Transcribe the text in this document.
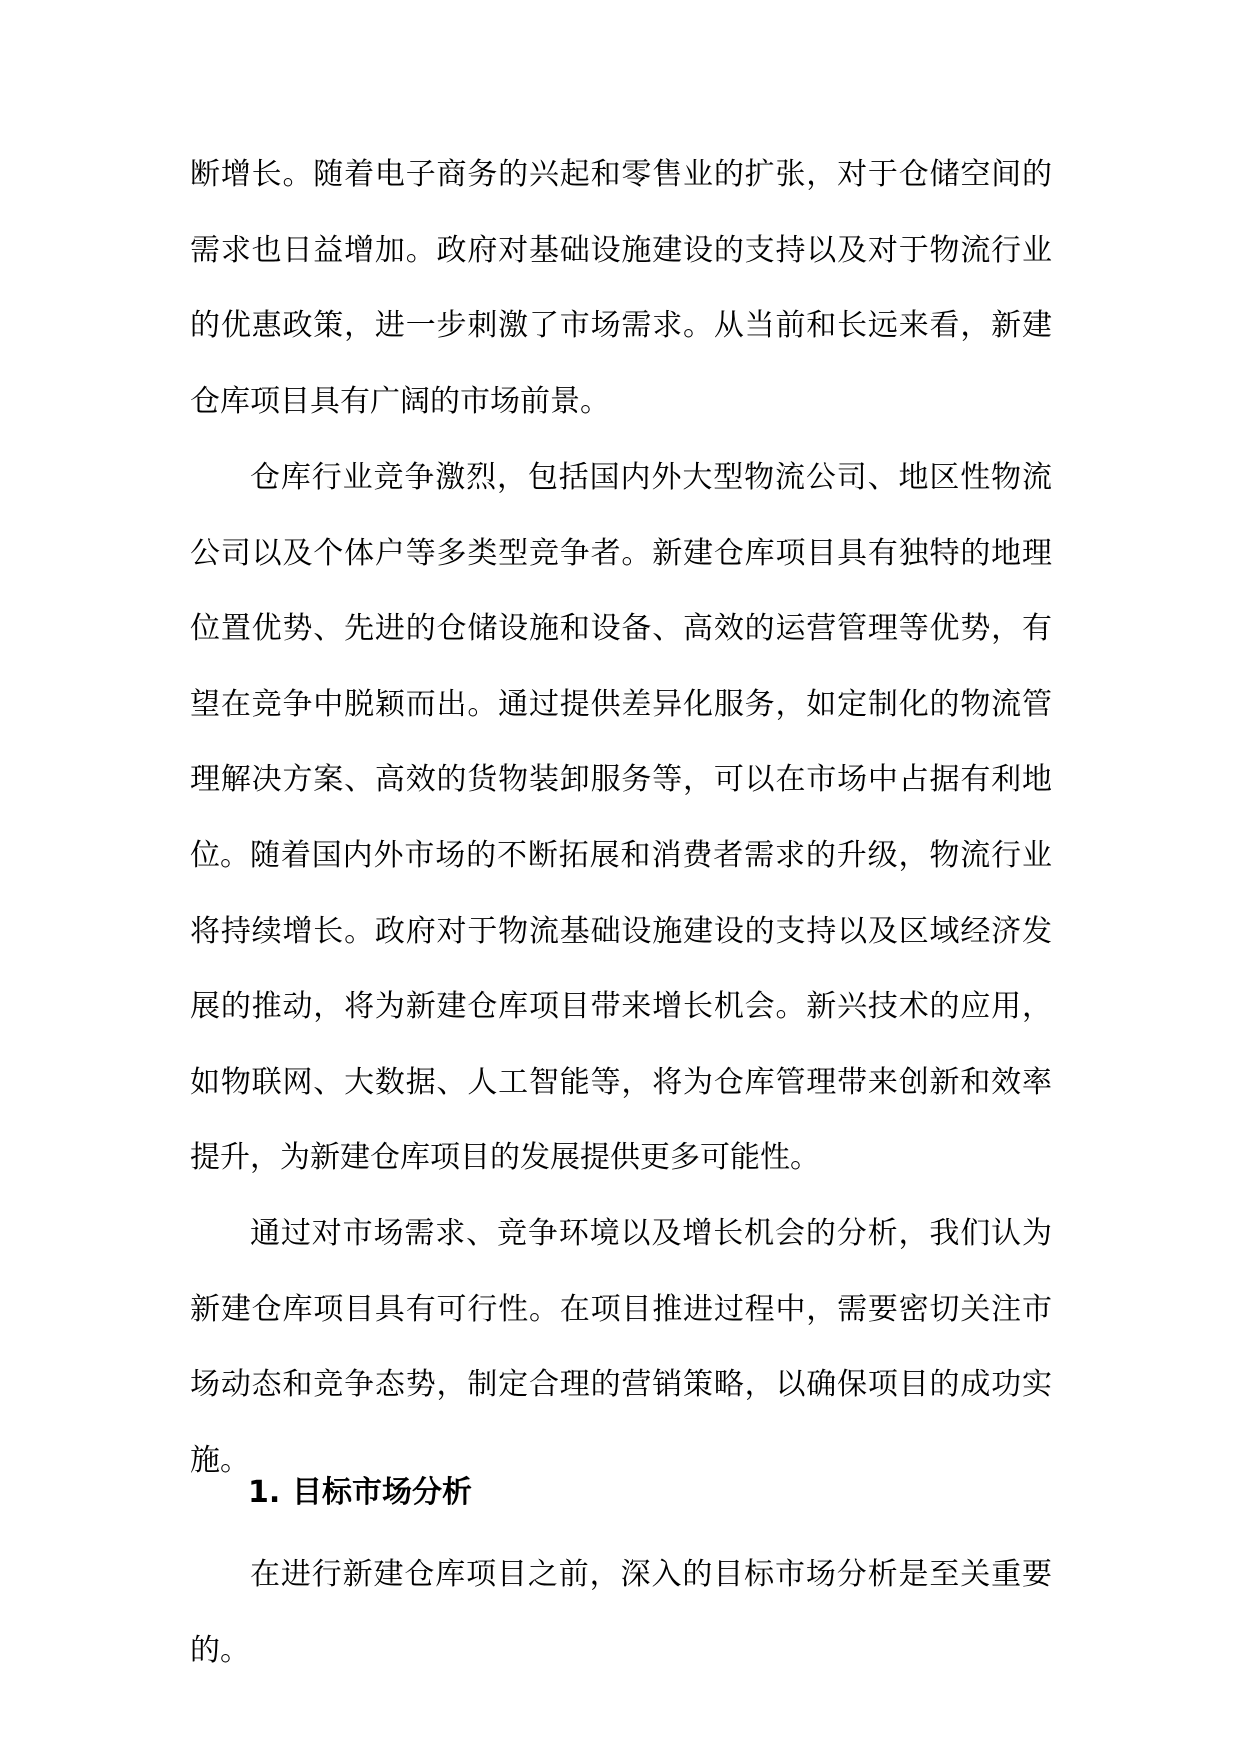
断增长。随着电子商务的兴起和零售业的扩张，对于仓储空间的需求也日益增加。政府对基础设施建设的支持以及对于物流行业的优惠政策，进一步刺激了市场需求。从当前和长远来看，新建仓库项目具有广阔的市场前景。

仓库行业竞争激烈，包括国内外大型物流公司、地区性物流公司以及个体户等多类型竞争者。新建仓库项目具有独特的地理位置优势、先进的仓储设施和设备、高效的运营管理等优势，有望在竞争中脱颖而出。通过提供差异化服务，如定制化的物流管理解决方案、高效的货物装卸服务等，可以在市场中占据有利地位。 随着国内外市场的不断拓展和消费者需求的升级，物流行业将持续增长。政府对于物流基础设施建设的支持以及区域经济发展的推动，将为新建仓库项目带来增长机会。新兴技术的应用，如物联网、大数据、人工智能等，将为仓库管理带来创新和效率提升，为新建仓库项目的发展提供更多可能性。

通过对市场需求、竞争环境以及增长机会的分析，我们认为新建仓库项目具有可行性。在项目推进过程中，需要密切关注市场动态和竞争态势，制定合理的营销策略，以确保项目的成功实施。

1. 目标市场分析

在进行新建仓库项目之前，深入的目标市场分析是至关重要的。
